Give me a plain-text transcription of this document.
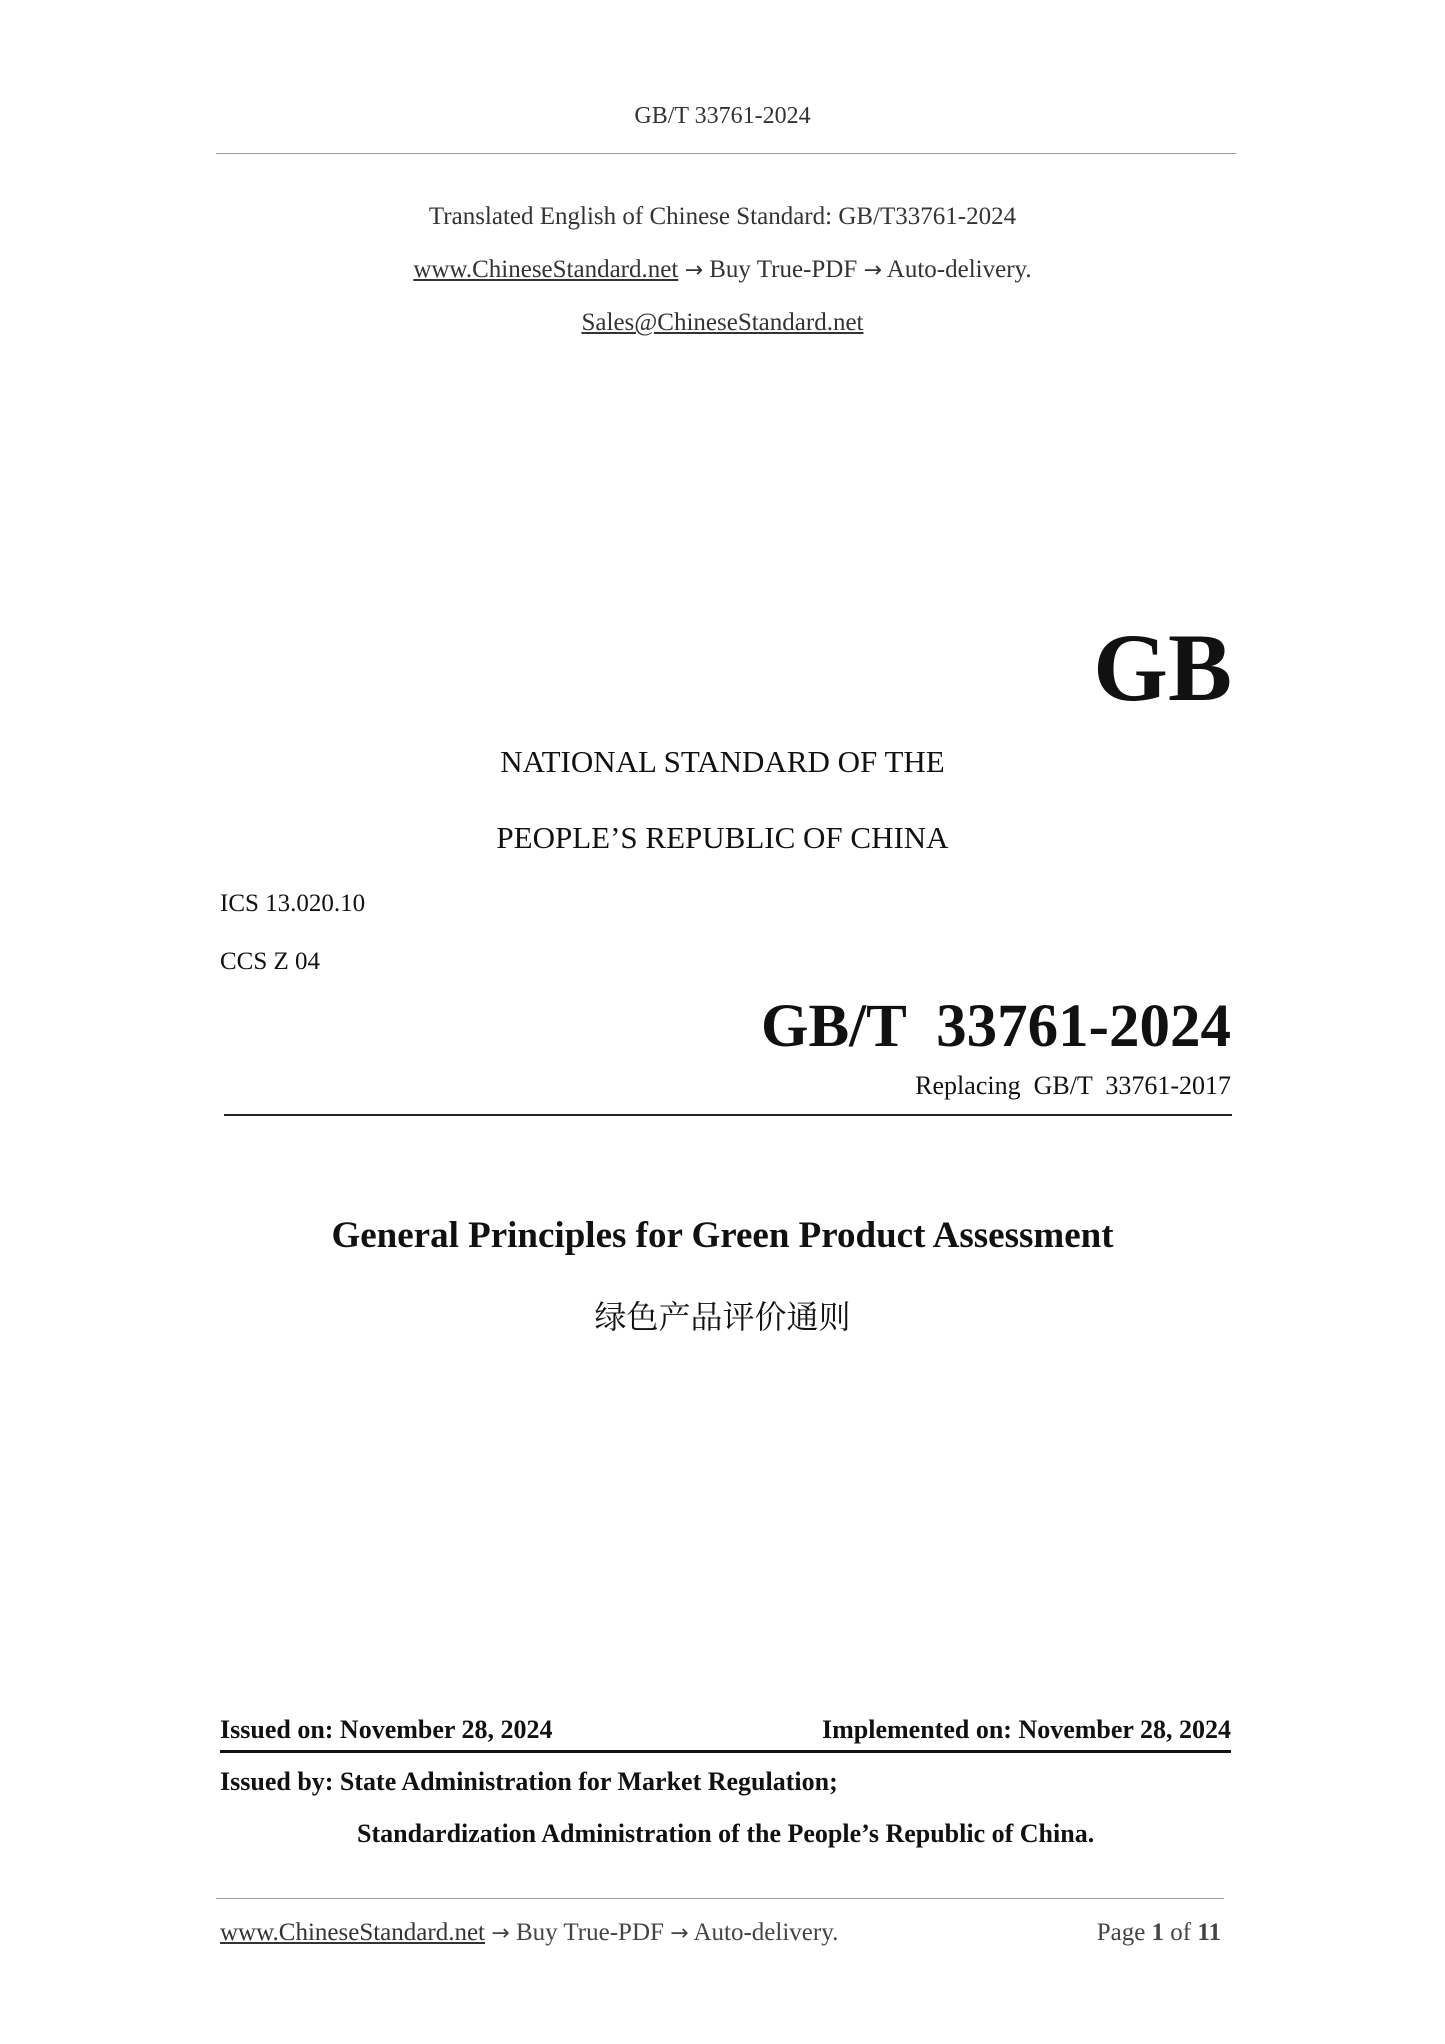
GB/T 33761-2024
Translated English of Chinese Standard: GB/T33761-2024
www.ChineseStandard.net → Buy True-PDF → Auto-delivery.
Sales@ChineseStandard.net
GB
NATIONAL STANDARD OF THE
PEOPLE’S REPUBLIC OF CHINA
ICS 13.020.10
CCS Z 04
GB/T  33761-2024
Replacing  GB/T  33761-2017
General Principles for Green Product Assessment
绿色产品评价通则
Issued on: November 28, 2024	Implemented on: November 28, 2024
Issued by: State Administration for Market Regulation;
Standardization Administration of the People’s Republic of China.
www.ChineseStandard.net → Buy True-PDF → Auto-delivery.	Page 1 of 11
